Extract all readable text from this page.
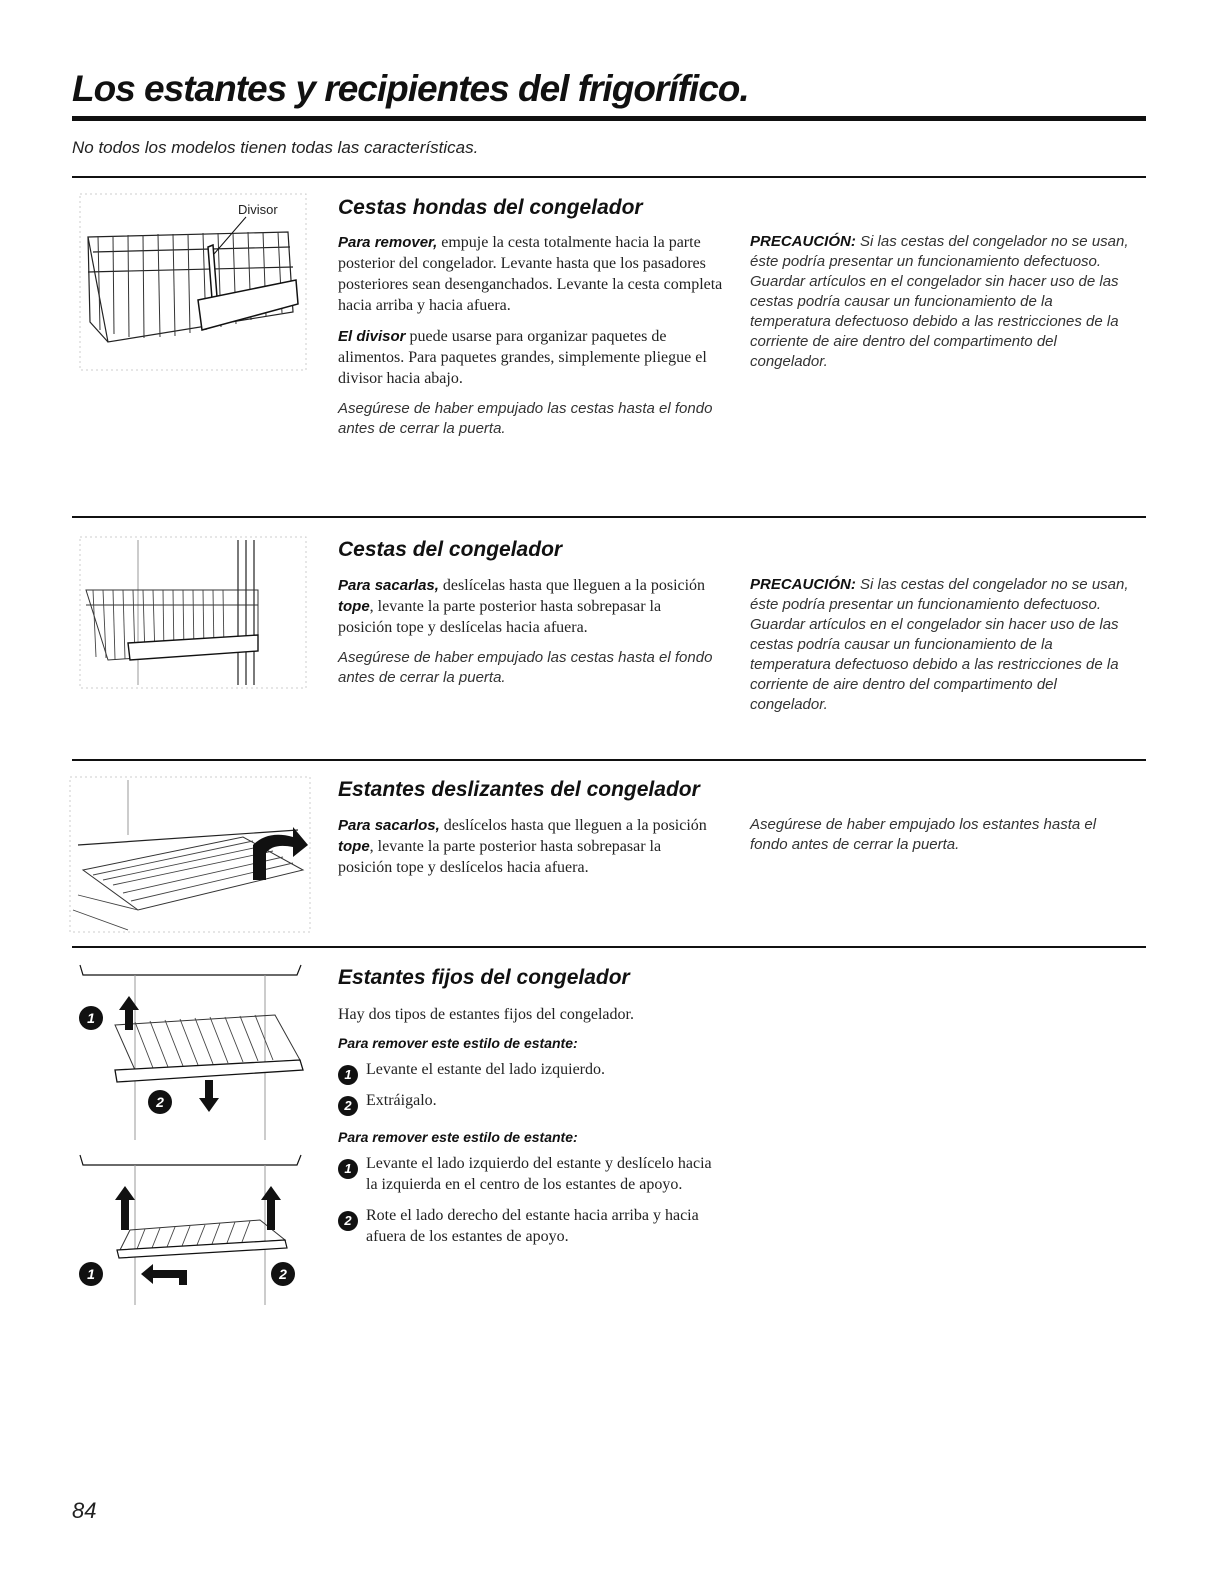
Los estantes y recipientes del frigorífico.
No todos los modelos tienen todas las características.
Divisor	Cestas hondas del congelador

Para remover, empuje la cesta totalmente hacia la parte posterior del congelador. Levante hasta que los pasadores posteriores sean desenganchados. Levante la cesta completa hacia arriba y hacia afuera.

El divisor puede usarse para organizar paquetes de alimentos. Para paquetes grandes, simplemente pliegue el divisor hacia abajo.

Asegúrese de haber empujado las cestas hasta el fondo antes de cerrar la puerta.

PRECAUCIÓN: Si las cestas del congelador no se usan, éste podría presentar un funcionamiento defectuoso. Guardar artículos en el congelador sin hacer uso de las cestas podría causar un funcionamiento de la temperatura defectuoso debido a las restricciones de la corriente de aire dentro del compartimento del congelador.

Cestas del congelador

Para sacarlas, deslícelas hasta que lleguen a la posición tope, levante la parte posterior hasta sobrepasar la posición tope y deslícelas hacia afuera.

Asegúrese de haber empujado las cestas hasta el fondo antes de cerrar la puerta.

PRECAUCIÓN: Si las cestas del congelador no se usan, éste podría presentar un funcionamiento defectuoso. Guardar artículos en el congelador sin hacer uso de las cestas podría causar un funcionamiento de la temperatura defectuoso debido a las restricciones de la corriente de aire dentro del compartimento del congelador.

Estantes deslizantes del congelador

Para sacarlos, deslícelos hasta que lleguen a la posición tope, levante la parte posterior hasta sobrepasar la posición tope y deslícelos hacia afuera.

Asegúrese de haber empujado los estantes hasta el fondo antes de cerrar la puerta.

1
2
1	2
Estantes fijos del congelador

Hay dos tipos de estantes fijos del congelador.

Para remover este estilo de estante:
1 Levante el estante del lado izquierdo.
2 Extráigalo.
Para remover este estilo de estante:
1 Levante el lado izquierdo del estante y deslícelo hacia la izquierda en el centro de los estantes de apoyo.
2 Rote el lado derecho del estante hacia arriba y hacia afuera de los estantes de apoyo.
84
